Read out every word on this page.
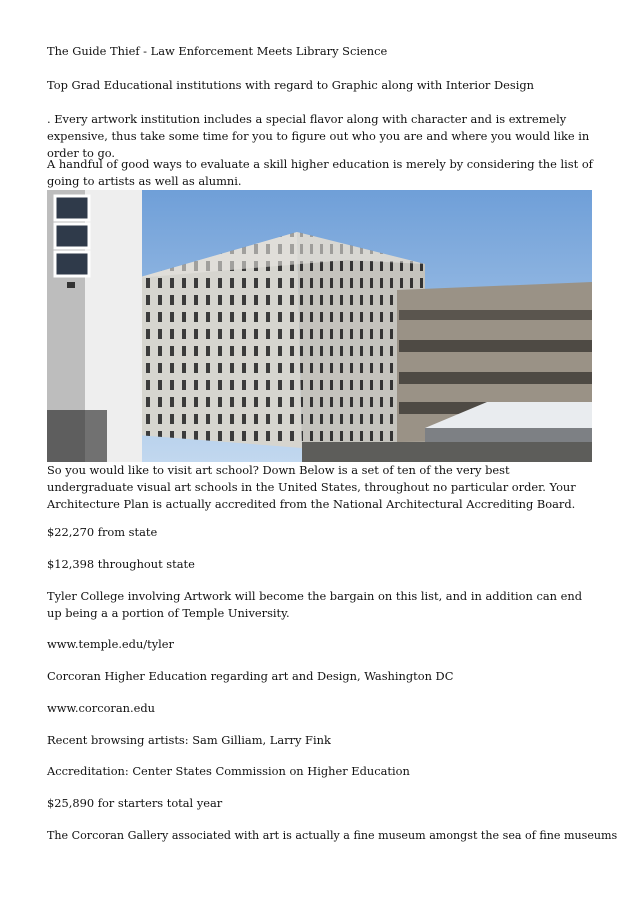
The Guide Thief - Law Enforcement Meets Library Science

Top Grad Educational institutions with regard to Graphic along with Interior Design

. Every artwork institution includes a special flavor along with character and is extremely expensive, thus take some time for you to figure out who you are and where you would like in order to go.

A handful of good ways to evaluate a skill higher education is merely by considering the list of going to artists as well as alumni.

So you would like to visit art school? Down Below is a set of ten of the very best undergraduate visual art schools in the United States, throughout no particular order. Your Architecture Plan is actually accredited from the National Architectural Accrediting Board.

$22,270 from state

$12,398 throughout state

Tyler College involving Artwork will become the bargain on this list, and in addition can end up being a a portion of Temple University.

www.temple.edu/tyler

Corcoran Higher Education regarding art and Design, Washington DC

www.corcoran.edu

Recent browsing artists: Sam Gilliam, Larry Fink

Accreditation: Center States Commission on Higher Education

$25,890 for starters total year

The Corcoran Gallery associated with art is actually a fine museum amongst the sea of fine museums
